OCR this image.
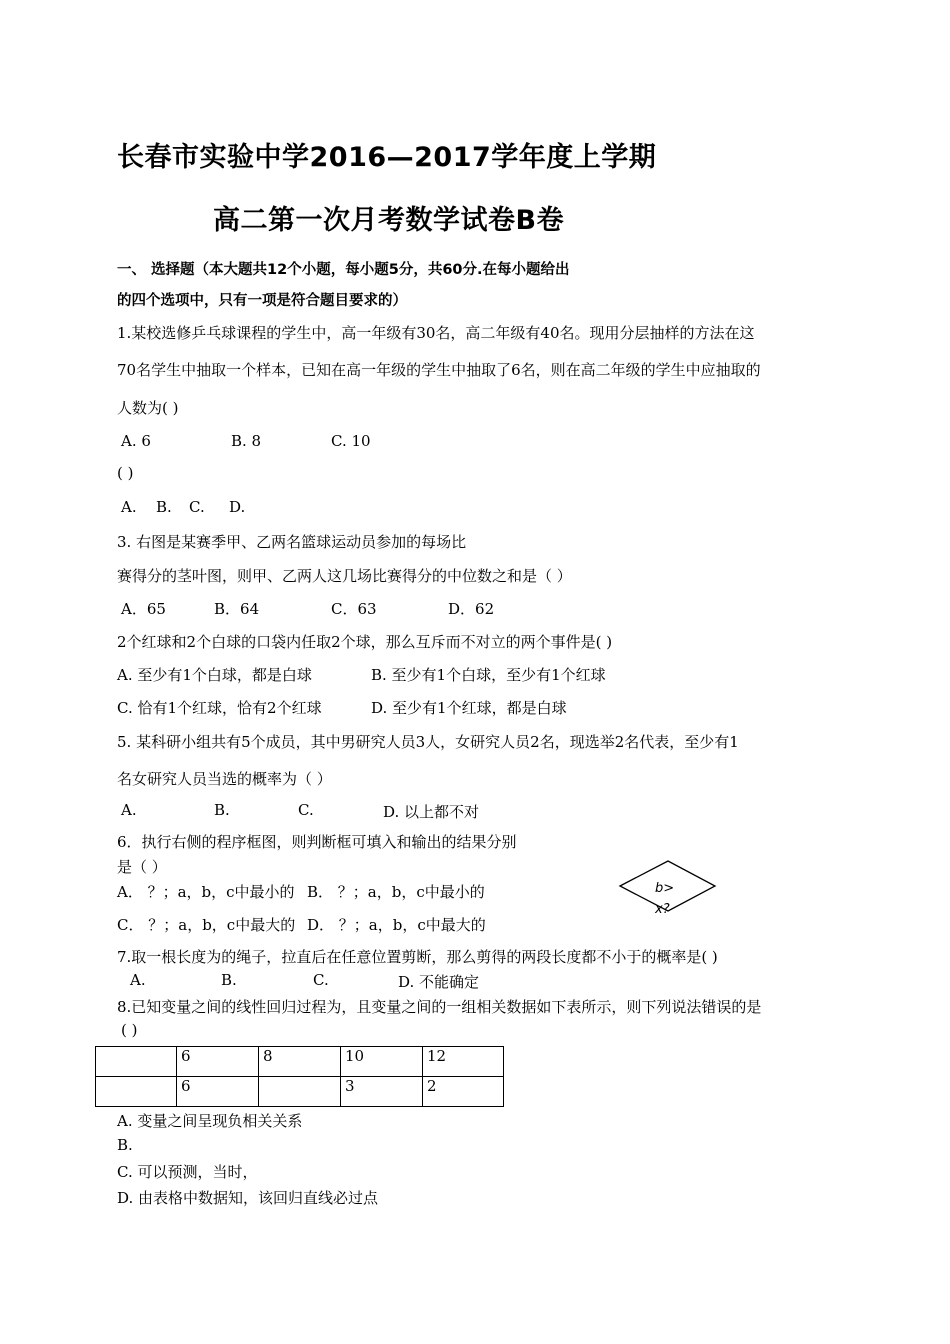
长春市实验中学2016—2017学年度上学期
高二第一次月考数学试卷B卷
一、 选择题（本大题共12个小题，每小题5分，共60分.在每小题给出
的四个选项中，只有一项是符合题目要求的）
1.某校选修乒乓球课程的学生中，高一年级有30名，高二年级有40名。现用分层抽样的方法在这
70名学生中抽取一个样本，已知在高一年级的学生中抽取了6名，则在高二年级的学生中应抽取的
人数为( )
A. 6	B. 8	C. 10
( )
A. B. C. D.
3. 右图是某赛季甲、乙两名篮球运动员参加的每场比
赛得分的茎叶图，则甲、乙两人这几场比赛得分的中位数之和是（ ）
A．65	B．64	C．63	D．62
2个红球和2个白球的口袋内任取2个球，那么互斥而不对立的两个事件是( )
A. 至少有1个白球，都是白球	B. 至少有1个白球，至少有1个红球
C. 恰有1个红球，恰有2个红球	D. 至少有1个红球，都是白球
5. 某科研小组共有5个成员，其中男研究人员3人，女研究人员2名，现选举2名代表，至少有1
名女研究人员当选的概率为（ ）
A.	B.	C.	D. 以上都不对
6．执行右侧的程序框图，则判断框可填入和输出的结果分别
是（ ）
A． ？；a，b，c中最小的 B． ？；a，b，c中最小的
C． ？；a，b，c中最大的 D． ？；a，b，c中最大的
b>
x?
7.取一根长度为的绳子，拉直后在任意位置剪断，那么剪得的两段长度都不小于的概率是( )
A.	B.	C.	D. 不能确定
8.已知变量之间的线性回归过程为，且变量之间的一组相关数据如下表所示，则下列说法错误的是
( )
	6	8	10	12
	6		3	2
A. 变量之间呈现负相关关系
B.
C. 可以预测，当时，
D. 由表格中数据知，该回归直线必过点
